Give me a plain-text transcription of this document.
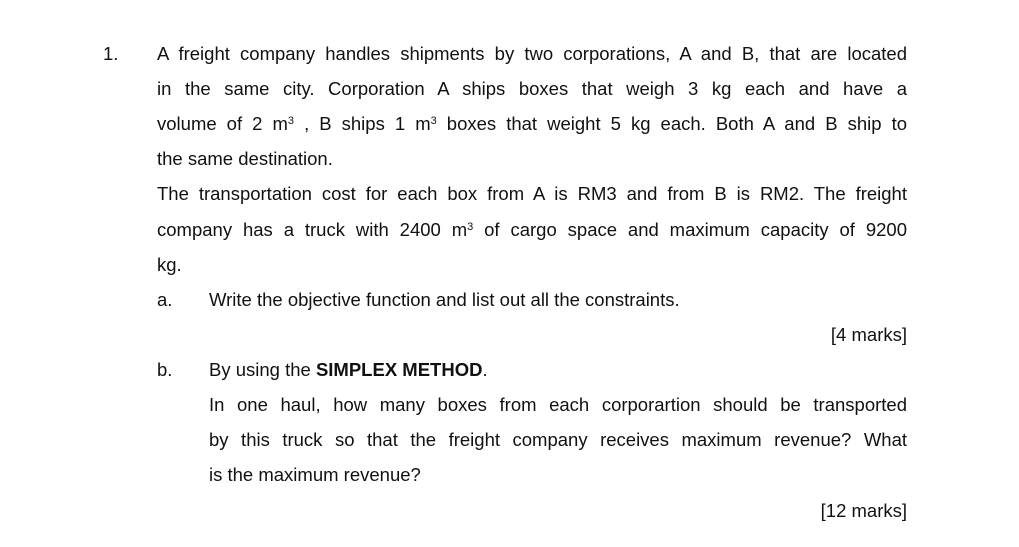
1. A freight company handles shipments by two corporations, A and B, that are located
in the same city. Corporation A ships boxes that weigh 3 kg each and have a
volume of 2 $m^3$ , B ships 1 $m^3$ boxes that weight 5 kg each. Both A and B ship to
the same destination.
The transportation cost for each box from A is RM3 and from B is RM2. The freight
company has a truck with 2400 $m^3$ of cargo space and maximum capacity of 9200
kg.
a. Write the objective function and list out all the constraints.
[4 marks]
b. By using the SIMPLEX METHOD.
In one haul, how many boxes from each corporartion should be transported
by this truck so that the freight company receives maximum revenue? What
is the maximum revenue?
[12 marks]
